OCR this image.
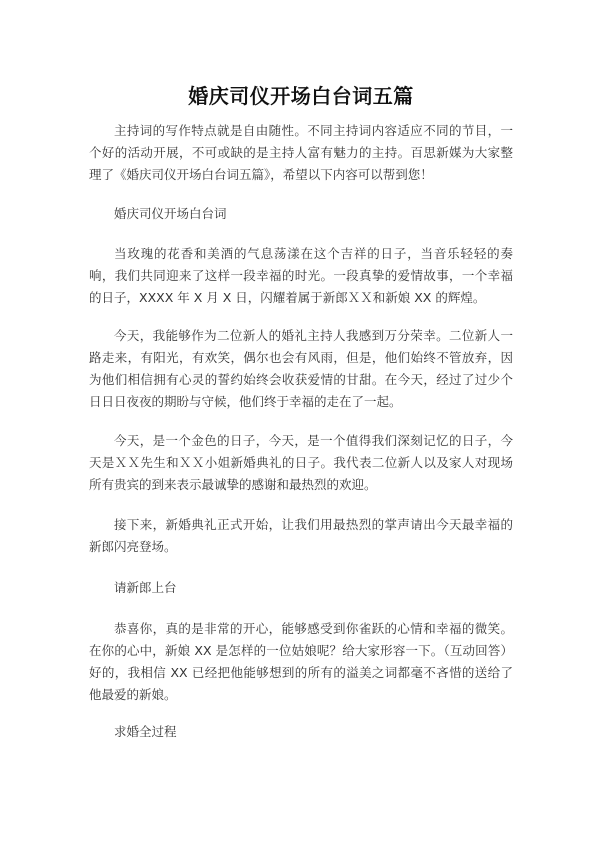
婚庆司仪开场白台词五篇

主持词的写作特点就是自由随性。不同主持词内容适应不同的节目，一个好的活动开展，不可或缺的是主持人富有魅力的主持。百思新媒为大家整理了《婚庆司仪开场白台词五篇》，希望以下内容可以帮到您！

婚庆司仪开场白台词

当玫瑰的花香和美酒的气息荡漾在这个吉祥的日子，当音乐轻轻的奏响，我们共同迎来了这样一段幸福的时光。一段真挚的爱情故事，一个幸福的日子，XXXX 年 X 月 X 日，闪耀着属于新郎ＸＸ和新娘 XX 的辉煌。

今天，我能够作为二位新人的婚礼主持人我感到万分荣幸。二位新人一路走来，有阳光，有欢笑，偶尔也会有风雨，但是，他们始终不管放弃，因为他们相信拥有心灵的誓约始终会收获爱情的甘甜。在今天，经过了过少个日日日夜夜的期盼与守候，他们终于幸福的走在了一起。

今天，是一个金色的日子，今天，是一个值得我们深刻记忆的日子，今天是ＸＸ先生和ＸＸ小姐新婚典礼的日子。我代表二位新人以及家人对现场所有贵宾的到来表示最诚挚的感谢和最热烈的欢迎。

接下来，新婚典礼正式开始，让我们用最热烈的掌声请出今天最幸福的新郎闪亮登场。

请新郎上台

恭喜你，真的是非常的开心，能够感受到你雀跃的心情和幸福的微笑。在你的心中，新娘 XX 是怎样的一位姑娘呢？给大家形容一下。（互动回答）好的，我相信 XX 已经把他能够想到的所有的溢美之词都毫不吝惜的送给了他最爱的新娘。

求婚全过程
